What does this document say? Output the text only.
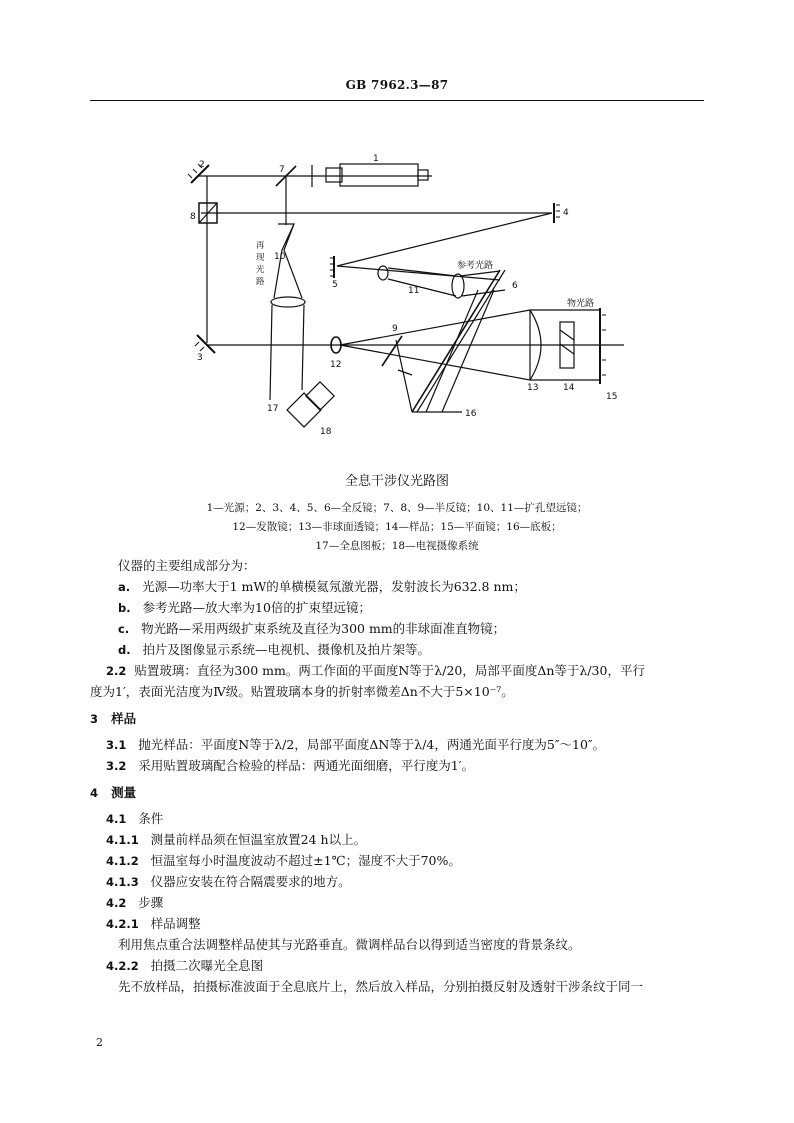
GB 7962.3—87
1
2	7
8	4
5
10
11	6
9
3
12
13	14
15
16
17
18
参考光路
物光路
再现光路
全息干涉仪光路图
1—光源；2、3、4、5、6—全反镜；7、8、9—半反镜；10、11—扩孔望远镜；
12—发散镜；13—非球面透镜；14—样品；15—平面镜；16—底板；
17—全息图板；18—电视摄像系统
仪器的主要组成部分为：
a. 光源—功率大于1 mW的单横模氦氖激光器，发射波长为632.8 nm；
b. 参考光路—放大率为10倍的扩束望远镜；
c. 物光路—采用两级扩束系统及直径为300 mm的非球面准直物镜；
d. 拍片及图像显示系统—电视机、摄像机及拍片架等。
2.2 贴置玻璃：直径为300 mm。两工作面的平面度N等于λ/20，局部平面度Δn等于λ/30，平行
度为1′，表面光洁度为Ⅳ级。贴置玻璃本身的折射率微差Δn不大于5×10⁻⁷。
3 样品
3.1 抛光样品：平面度N等于λ/2，局部平面度ΔN等于λ/4，两通光面平行度为5″～10″。
3.2 采用贴置玻璃配合检验的样品：两通光面细磨，平行度为1′。
4 测量
4.1 条件
4.1.1 测量前样品须在恒温室放置24 h以上。
4.1.2 恒温室每小时温度波动不超过±1℃；湿度不大于70%。
4.1.3 仪器应安装在符合隔震要求的地方。
4.2 步骤
4.2.1 样品调整
利用焦点重合法调整样品使其与光路垂直。微调样品台以得到适当密度的背景条纹。
4.2.2 拍摄二次曝光全息图
先不放样品，拍摄标准波面于全息底片上，然后放入样品，分别拍摄反射及透射干涉条纹于同一
2
